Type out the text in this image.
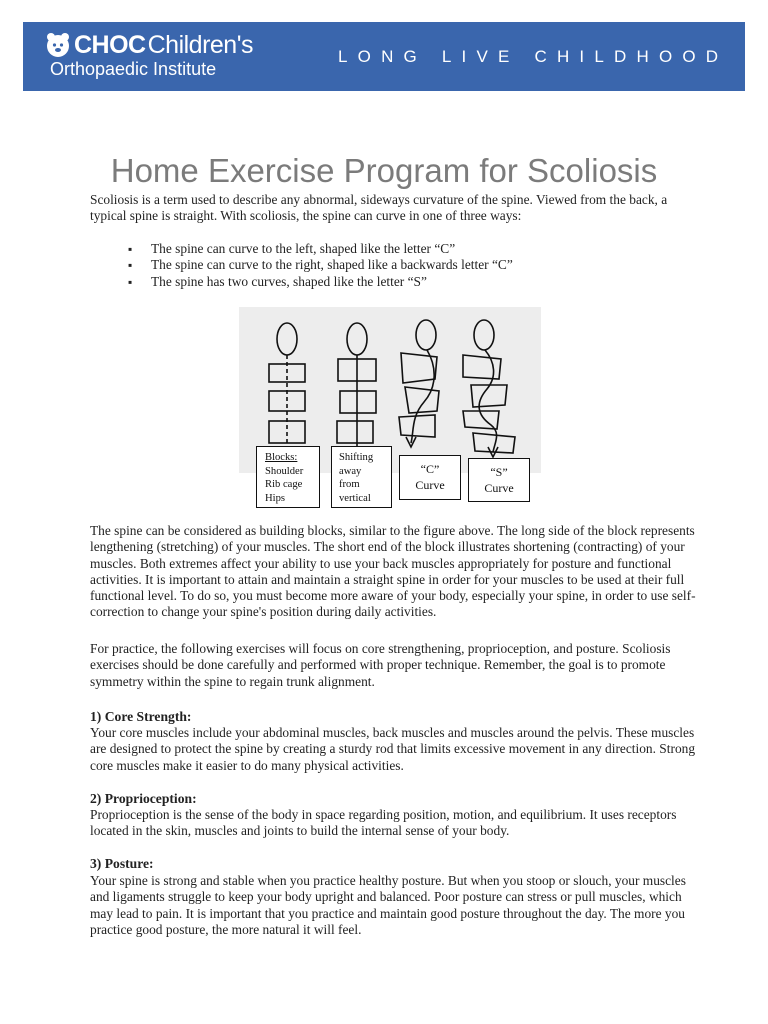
CHOC Children's
Orthopaedic Institute
LONG LIVE CHILDHOOD
Home Exercise Program for Scoliosis
Scoliosis is a term used to describe any abnormal, sideways curvature of the spine. Viewed from the back, a typical spine is straight. With scoliosis, the spine can curve in one of three ways:
▪ The spine can curve to the left, shaped like the letter “C”
▪ The spine can curve to the right, shaped like a backwards letter “C”
▪ The spine has two curves, shaped like the letter “S”
Blocks:
Shoulder
Rib cage
Hips
Shifting
away
from
vertical
“C”
Curve
“S”
Curve
The spine can be considered as building blocks, similar to the figure above. The long side of the block represents lengthening (stretching) of your muscles. The short end of the block illustrates shortening (contracting) of your muscles. Both extremes affect your ability to use your back muscles appropriately for posture and functional activities. It is important to attain and maintain a straight spine in order for your muscles to be used at their full functional level. To do so, you must become more aware of your body, especially your spine, in order to use self-correction to change your spine's position during daily activities.
For practice, the following exercises will focus on core strengthening, proprioception, and posture. Scoliosis exercises should be done carefully and performed with proper technique. Remember, the goal is to promote symmetry within the spine to regain trunk alignment.
1) Core Strength:
Your core muscles include your abdominal muscles, back muscles and muscles around the pelvis. These muscles are designed to protect the spine by creating a sturdy rod that limits excessive movement in any direction. Strong core muscles make it easier to do many physical activities.
2) Proprioception:
Proprioception is the sense of the body in space regarding position, motion, and equilibrium. It uses receptors located in the skin, muscles and joints to build the internal sense of your body.
3) Posture:
Your spine is strong and stable when you practice healthy posture. But when you stoop or slouch, your muscles and ligaments struggle to keep your body upright and balanced. Poor posture can stress or pull muscles, which may lead to pain. It is important that you practice and maintain good posture throughout the day. The more you practice good posture, the more natural it will feel.
